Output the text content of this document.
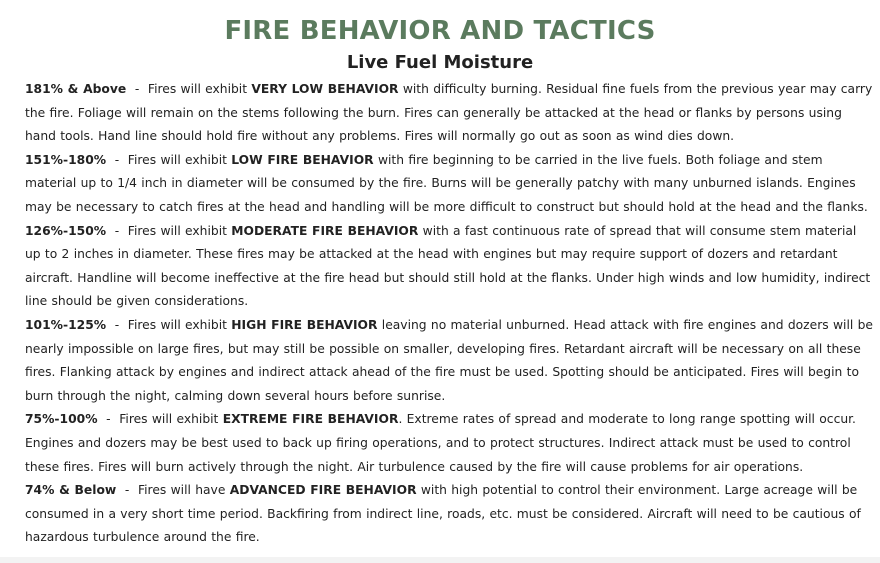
FIRE BEHAVIOR AND TACTICS
Live Fuel Moisture

181% & Above  -  Fires will exhibit VERY LOW BEHAVIOR with difficulty burning. Residual fine fuels from the previous year may carry the fire. Foliage will remain on the stems following the burn. Fires can generally be attacked at the head or flanks by persons using hand tools. Hand line should hold fire without any problems. Fires will normally go out as soon as wind dies down.

151%-180%  -  Fires will exhibit LOW FIRE BEHAVIOR with fire beginning to be carried in the live fuels. Both foliage and stem material up to 1/4 inch in diameter will be consumed by the fire. Burns will be generally patchy with many unburned islands. Engines may be necessary to catch fires at the head and handling will be more difficult to construct but should hold at the head and the flanks.

126%-150%  -  Fires will exhibit MODERATE FIRE BEHAVIOR with a fast continuous rate of spread that will consume stem material up to 2 inches in diameter. These fires may be attacked at the head with engines but may require support of dozers and retardant aircraft. Handline will become ineffective at the fire head but should still hold at the flanks. Under high winds and low humidity, indirect line should be given considerations.

101%-125%  -  Fires will exhibit HIGH FIRE BEHAVIOR leaving no material unburned. Head attack with fire engines and dozers will be nearly impossible on large fires, but may still be possible on smaller, developing fires. Retardant aircraft will be necessary on all these fires. Flanking attack by engines and indirect attack ahead of the fire must be used. Spotting should be anticipated. Fires will begin to burn through the night, calming down several hours before sunrise.

75%-100%  -  Fires will exhibit EXTREME FIRE BEHAVIOR. Extreme rates of spread and moderate to long range spotting will occur. Engines and dozers may be best used to back up firing operations, and to protect structures. Indirect attack must be used to control these fires. Fires will burn actively through the night. Air turbulence caused by the fire will cause problems for air operations.

74% & Below  -  Fires will have ADVANCED FIRE BEHAVIOR with high potential to control their environment. Large acreage will be consumed in a very short time period. Backfiring from indirect line, roads, etc. must be considered. Aircraft will need to be cautious of hazardous turbulence around the fire.
